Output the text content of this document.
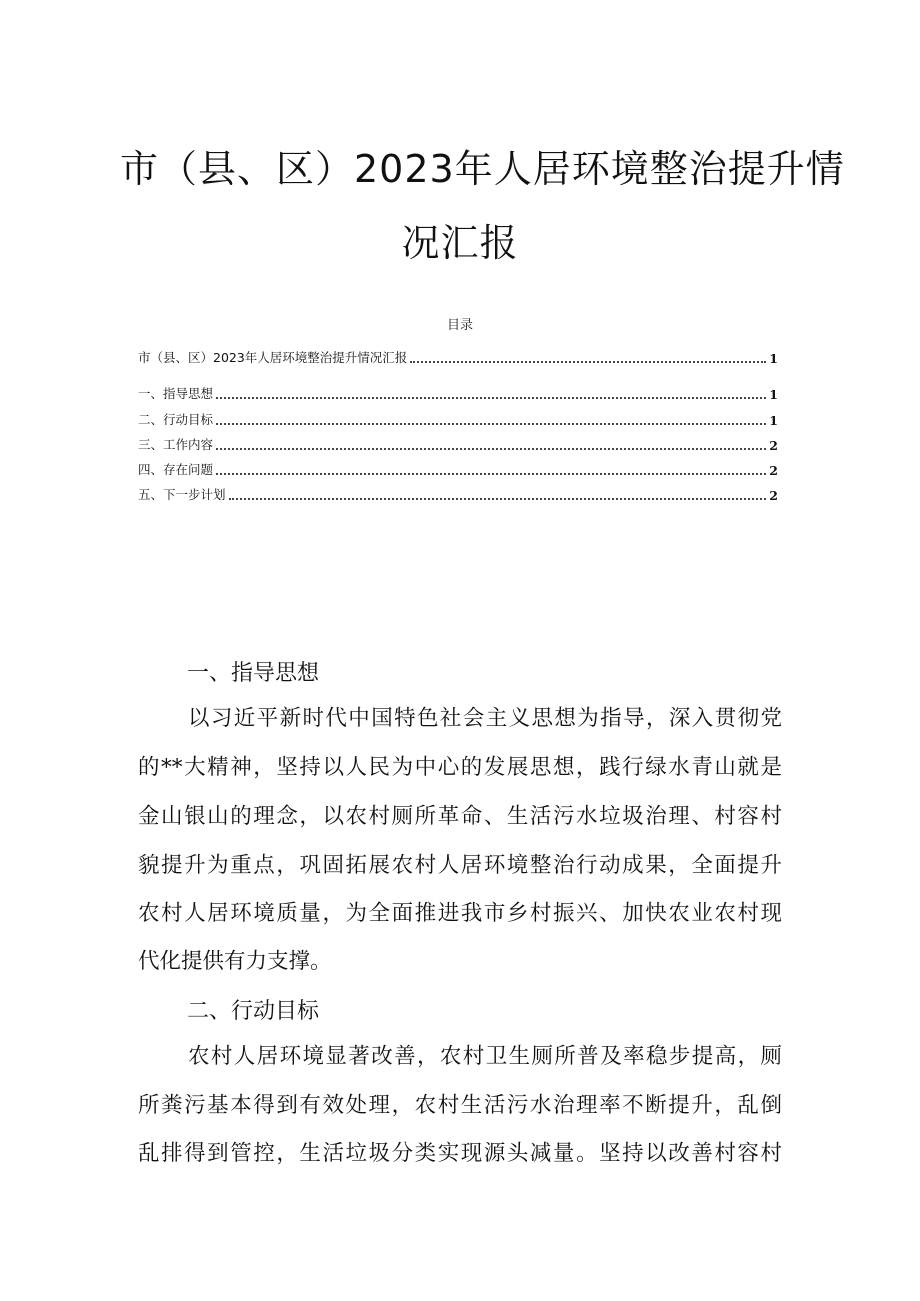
市（县、区）2023年人居环境整治提升情
况汇报
目录
市（县、区）2023年人居环境整治提升情况汇报	1
一、指导思想	1
二、行动目标	1
三、工作内容	2
四、存在问题	2
五、下一步计划	2
一、指导思想
以习近平新时代中国特色社会主义思想为指导，深入贯彻党
的**大精神，坚持以人民为中心的发展思想，践行绿水青山就是
金山银山的理念，以农村厕所革命、生活污水垃圾治理、村容村
貌提升为重点，巩固拓展农村人居环境整治行动成果，全面提升
农村人居环境质量，为全面推进我市乡村振兴、加快农业农村现
代化提供有力支撑。
二、行动目标
农村人居环境显著改善，农村卫生厕所普及率稳步提高，厕
所粪污基本得到有效处理，农村生活污水治理率不断提升，乱倒
乱排得到管控，生活垃圾分类实现源头减量。坚持以改善村容村
